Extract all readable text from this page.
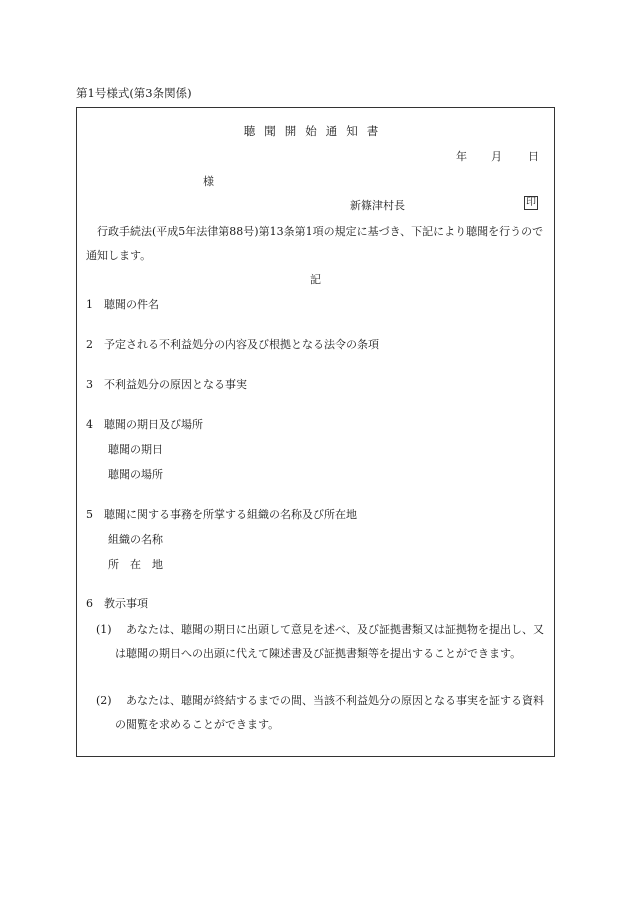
第1号様式(第3条関係)
聴聞開始通知書
年 月 日
様
新篠津村長	印
行政手続法(平成5年法律第88号)第13条第1項の規定に基づき、下記により聴聞を行うので通知します。
記
1　 聴聞の件名
2　 予定される不利益処分の内容及び根拠となる法令の条項
3　 不利益処分の原因となる事実
4　 聴聞の期日及び場所
聴聞の期日
聴聞の場所
5　 聴聞に関する事務を所掌する組織の名称及び所在地
組織の名称
所　在　地
6　 教示事項
(1)	あなたは、聴聞の期日に出頭して意見を述べ、及び証拠書類又は証拠物を提出し、又は聴聞の期日への出頭に代えて陳述書及び証拠書類等を提出することができます。
(2)	あなたは、聴聞が終結するまでの間、当該不利益処分の原因となる事実を証する資料の閲覧を求めることができます。
